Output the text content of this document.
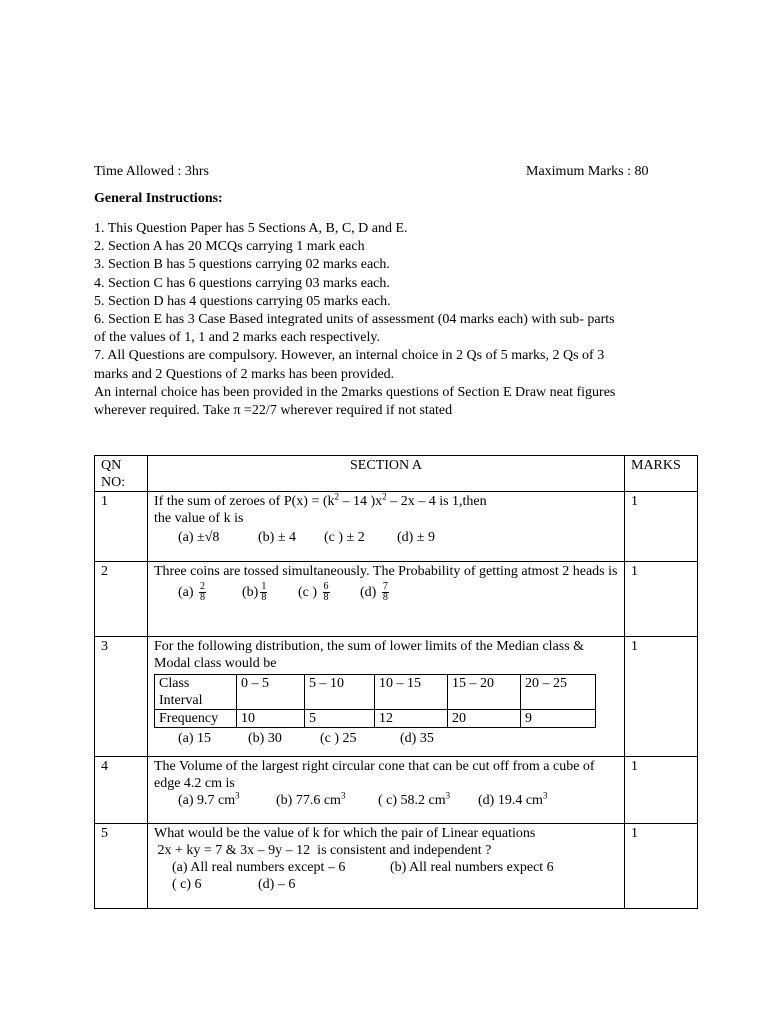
Time Allowed : 3hrs	Maximum Marks : 80
General Instructions:
1. This Question Paper has 5 Sections A, B, C, D and E.
2. Section A has 20 MCQs carrying 1 mark each
3. Section B has 5 questions carrying 02 marks each.
4. Section C has 6 questions carrying 03 marks each.
5. Section D has 4 questions carrying 05 marks each.
6. Section E has 3 Case Based integrated units of assessment (04 marks each) with sub- parts
of the values of 1, 1 and 2 marks each respectively.
7. All Questions are compulsory. However, an internal choice in 2 Qs of 5 marks, 2 Qs of 3
marks and 2 Questions of 2 marks has been provided.
An internal choice has been provided in the 2marks questions of Section E Draw neat figures
wherever required. Take π =22/7 wherever required if not stated
QN NO:	SECTION A	MARKS
1	If the sum of zeroes of $P(x) = (k^2 - 14$ )$x^2 - 2x - 4$ is 1,then
the value of k is
(a) ±√8	(b) ± 4 (c ) ± 2 (d) ± 9
	1
2	Three coins are tossed simultaneously. The Probability of getting atmost 2 heads is
$(a) \frac{2}{8}$	$(b) \frac{1}{8} (c$ ) $\frac{6}{8} (d) \frac{7}{8}$
	1
3	For the following distribution, the sum of lower limits of the Median class & Modal class would be
Class Interval	0 – 5	5 – 10	10 – 15	15 – 20	20 – 25
Frequency	10	5	12	20	9
(a) 15	(b) 30	(c ) 25	(d) 35
	1
4	The Volume of the largest right circular cone that can be cut off from a cube of edge 4.2 cm is
(a) 9.7 $cm^3$	(b) 77.6 $cm^3$ ( c) 58.2 $cm^3$ (d) 19.4 $cm^3$
	1
5	What would be the value of k for which the pair of Linear equations
2x + ky = 7 & 3x – 9y – 12  is consistent and independent ?
(a) All real numbers except – 6	(b) All real numbers expect 6
( c) 6	(d) – 6
	1
